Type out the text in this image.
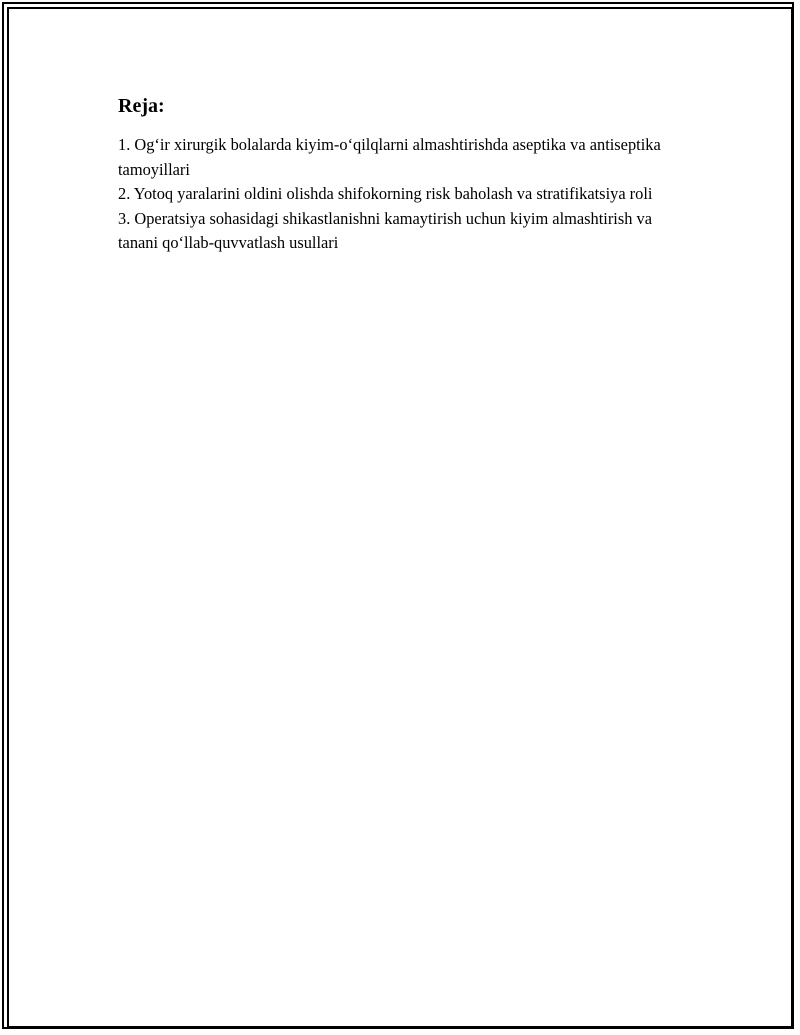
Reja:
1. Og‘ir xirurgik bolalarda kiyim-o‘qilqlarni almashtirishda aseptika va antiseptika tamoyillari
2. Yotoq yaralarini oldini olishda shifokorning risk baholash va stratifikatsiya roli
3. Operatsiya sohasidagi shikastlanishni kamaytirish uchun kiyim almashtirish va tanani qo‘llab-quvvatlash usullari
